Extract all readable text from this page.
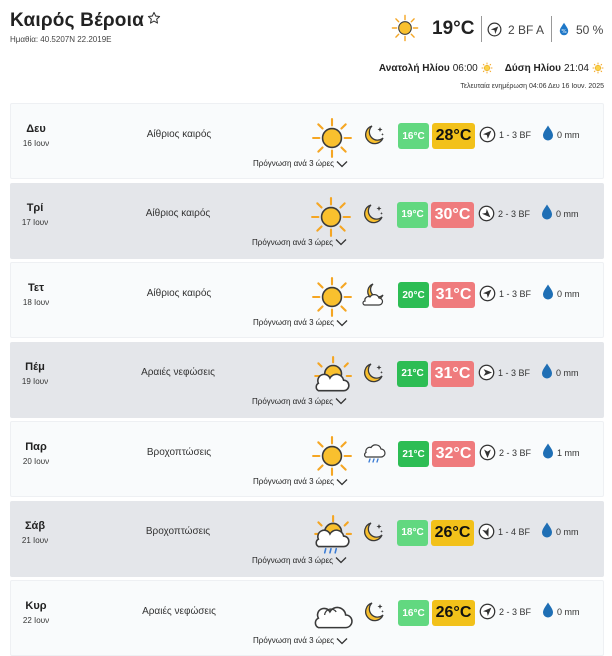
Καιρός Βέροια
Ημαθία: 40.5207N 22.2019E
19°C	2 BF A % 50 %
Ανατολή Ηλίου 06:00	Δύση Ηλίου 21:04
Τελευταία ενημέρωση 04:06 Δευ 16 Ιουν. 2025
Δευ
16 Ιουν
Αίθριος καιρός	16°C 28°C	1 - 3 BF	0 mm
Πρόγνωση ανά 3 ώρες
Τρί
17 Ιουν
Αίθριος καιρός	19°C 30°C	2 - 3 BF	0 mm
Πρόγνωση ανά 3 ώρες
Τετ
18 Ιουν
Αίθριος καιρός	20°C 31°C	1 - 3 BF	0 mm
Πρόγνωση ανά 3 ώρες
Πέμ
19 Ιουν
Αραιές νεφώσεις	21°C 31°C	1 - 3 BF	0 mm
Πρόγνωση ανά 3 ώρες
Παρ
20 Ιουν
Βροχοπτώσεις	21°C 32°C	2 - 3 BF	1 mm
Πρόγνωση ανά 3 ώρες
Σάβ
21 Ιουν
Βροχοπτώσεις	18°C 26°C	1 - 4 BF	0 mm
Πρόγνωση ανά 3 ώρες
Κυρ
22 Ιουν
Αραιές νεφώσεις	16°C 26°C	2 - 3 BF	0 mm
Πρόγνωση ανά 3 ώρες
